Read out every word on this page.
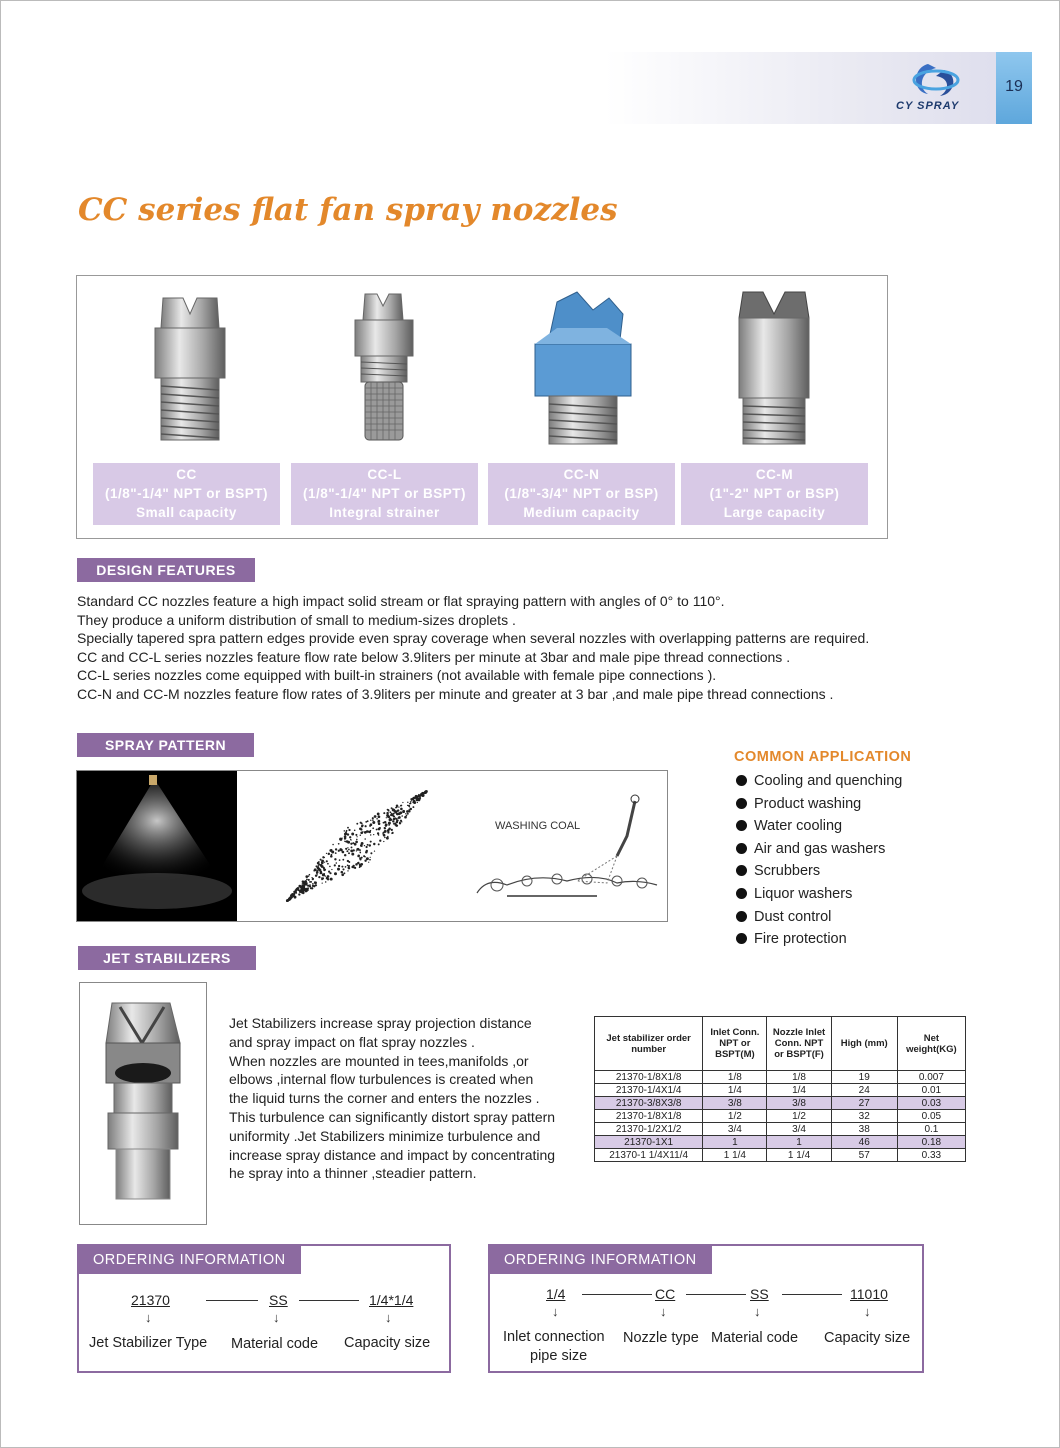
CY SPRAY
19
CC series flat fan spray nozzles
CC
(1/8"-1/4" NPT or BSPT)
Small capacity
CC-L
(1/8"-1/4" NPT or BSPT)
Integral strainer
CC-N
(1/8"-3/4" NPT or BSP)
Medium capacity
CC-M
(1"-2" NPT or BSP)
Large capacity
DESIGN FEATURES
Standard CC nozzles feature a high impact solid stream or flat spraying pattern with angles of 0° to 110°.
They produce a uniform distribution of small to medium-sizes droplets .
Specially tapered spra pattern edges provide even spray coverage when several nozzles with overlapping patterns are required.
CC and CC-L series nozzles feature flow rate below 3.9liters per minute at 3bar and male pipe thread connections .
CC-L series nozzles come equipped with built-in strainers (not available with female pipe connections ).
CC-N and CC-M nozzles feature flow rates of 3.9liters per minute and greater at 3 bar ,and male pipe thread connections .
SPRAY PATTERN
WASHING COAL
COMMON APPLICATION
Cooling and quenching
Product washing
Water cooling
Air and gas washers
Scrubbers
Liquor washers
Dust control
Fire protection
JET STABILIZERS
Jet Stabilizers increase spray projection distance
and spray impact on flat spray nozzles .
When nozzles are mounted in tees,manifolds ,or
elbows ,internal flow turbulences is created when
the liquid turns the corner and enters the nozzles .
This turbulence can significantly distort spray pattern
uniformity .Jet Stabilizers minimize turbulence and
increase spray distance and impact by concentrating
he spray into a thinner ,steadier pattern.
Jet stabilizer order number	Inlet Conn. NPT or BSPT(M)	Nozzle Inlet Conn. NPT or BSPT(F)	High (mm)	Net weight(KG)
21370-1/8X1/8	1/8	1/8	19	0.007
21370-1/4X1/4	1/4	1/4	24	0.01
21370-3/8X3/8	3/8	3/8	27	0.03
21370-1/8X1/8	1/2	1/2	32	0.05
21370-1/2X1/2	3/4	3/4	38	0.1
21370-1X1	1	1	46	0.18
21370-1 1/4X11/4	1 1/4	1 1/4	57	0.33
ORDERING INFORMATION
21370	SS	1/4*1/4
↓	↓	↓
Jet Stabilizer Type Material code Capacity size
ORDERING INFORMATION
1/4	CC	SS	11010
↓	↓	↓	↓
Inlet connection
pipe size
Nozzle type Material code Capacity size
